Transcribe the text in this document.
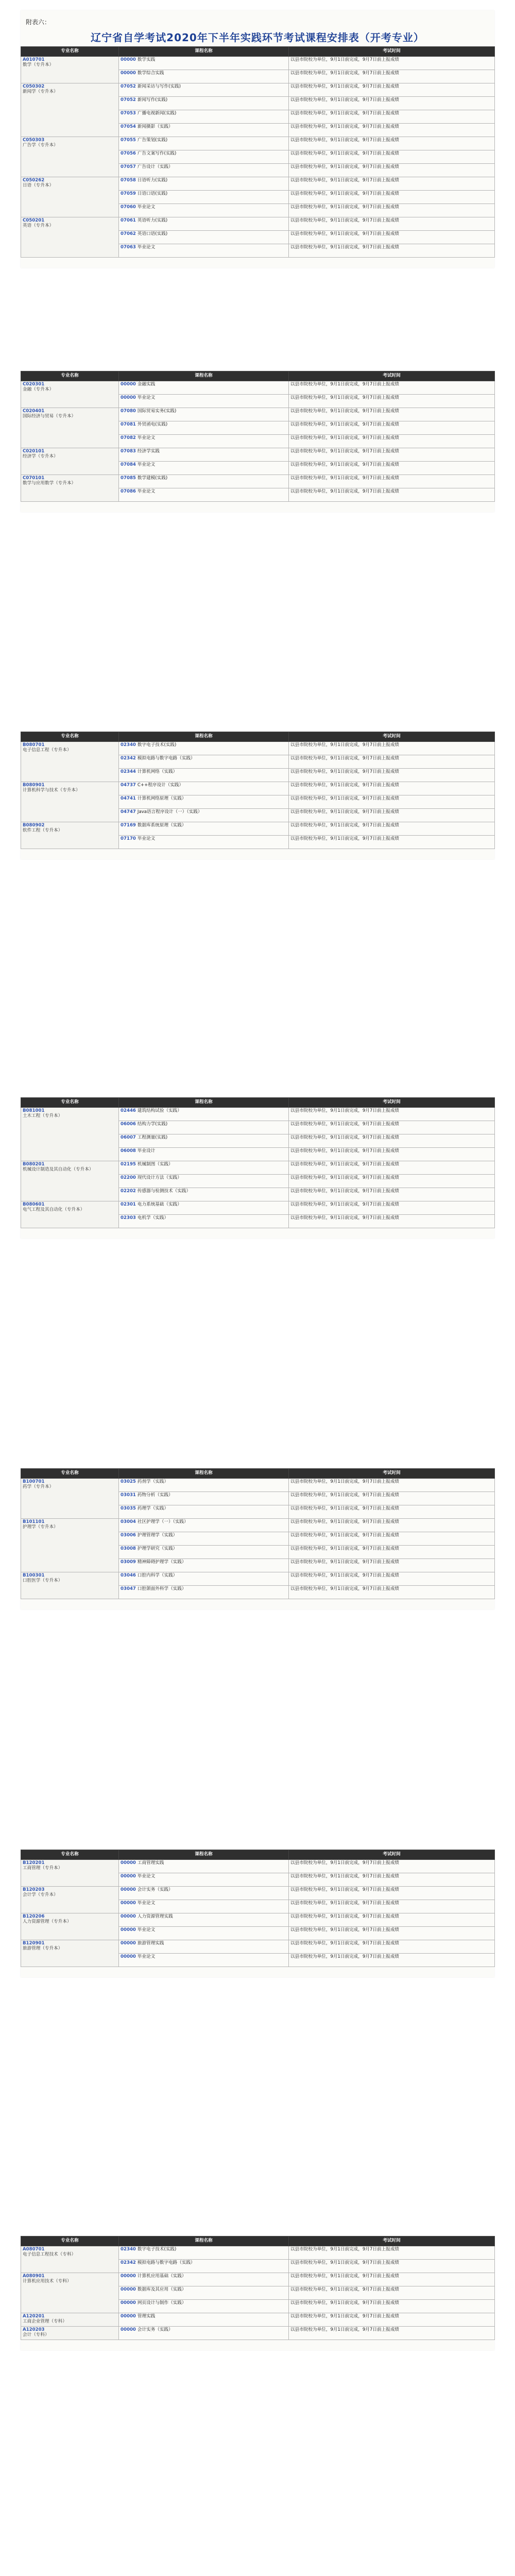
附表六：
辽宁省自学考试2020年下半年实践环节考试课程安排表（开考专业）
专业名称	课程名称	考试时间

A010701
数学（专升本）	00000 数学实践	以县市院校为单位，9月1日前完成，9月7日前上报成绩
	00000 数学综合实践	以县市院校为单位，9月1日前完成，9月7日前上报成绩

C050302
新闻学（专升本）	07052 新闻采访与写作(实践)	以县市院校为单位，9月1日前完成，9月7日前上报成绩
	07052 新闻写作(实践)	以县市院校为单位，9月1日前完成，9月7日前上报成绩
	07053 广播电视新闻(实践)	以县市院校为单位，9月1日前完成，9月7日前上报成绩
	07054 新闻摄影（实践）	以县市院校为单位，9月1日前完成，9月7日前上报成绩

C050303
广告学（专升本）	07055 广告策划(实践)	以县市院校为单位，9月1日前完成，9月7日前上报成绩
	07056 广告文案写作(实践)	以县市院校为单位，9月1日前完成，9月7日前上报成绩
	07057 广告设计（实践）	以县市院校为单位，9月1日前完成，9月7日前上报成绩

C050262
日语（专升本）	07058 日语听力(实践)	以县市院校为单位，9月1日前完成，9月7日前上报成绩
	07059 日语口语(实践)	以县市院校为单位，9月1日前完成，9月7日前上报成绩
	07060 毕业论文	以县市院校为单位，9月1日前完成，9月7日前上报成绩

C050201
英语（专升本）	07061 英语听力(实践)	以县市院校为单位，9月1日前完成，9月7日前上报成绩
	07062 英语口语(实践)	以县市院校为单位，9月1日前完成，9月7日前上报成绩
	07063 毕业论文	以县市院校为单位，9月1日前完成，9月7日前上报成绩
专业名称	课程名称	考试时间

C020301
金融（专升本）	00000 金融实践	以县市院校为单位，9月1日前完成，9月7日前上报成绩
	00000 毕业论文	以县市院校为单位，9月1日前完成，9月7日前上报成绩

C020401
国际经济与贸易（专升本）	07080 国际贸易实务(实践)	以县市院校为单位，9月1日前完成，9月7日前上报成绩
	07081 外贸函电(实践)	以县市院校为单位，9月1日前完成，9月7日前上报成绩
	07082 毕业论文	以县市院校为单位，9月1日前完成，9月7日前上报成绩

C020101
经济学（专升本）	07083 经济学实践	以县市院校为单位，9月1日前完成，9月7日前上报成绩
	07084 毕业论文	以县市院校为单位，9月1日前完成，9月7日前上报成绩

C070101
数学与应用数学（专升本）	07085 数学建模(实践)	以县市院校为单位，9月1日前完成，9月7日前上报成绩
	07086 毕业论文	以县市院校为单位，9月1日前完成，9月7日前上报成绩
专业名称	课程名称	考试时间

B080701
电子信息工程（专升本）	02340 数字电子技术(实践)	以县市院校为单位，9月1日前完成，9月7日前上报成绩
	02342 模拟电路与数字电路（实践）	以县市院校为单位，9月1日前完成，9月7日前上报成绩
	02344 计算机网络（实践）	以县市院校为单位，9月1日前完成，9月7日前上报成绩

B080901
计算机科学与技术（专升本）	04737 C++程序设计（实践）	以县市院校为单位，9月1日前完成，9月7日前上报成绩
	04741 计算机网络原理（实践）	以县市院校为单位，9月1日前完成，9月7日前上报成绩
	04747 Java语言程序设计（一）（实践）	以县市院校为单位，9月1日前完成，9月7日前上报成绩

B080902
软件工程（专升本）	07169 数据库系统原理（实践）	以县市院校为单位，9月1日前完成，9月7日前上报成绩
	07170 毕业论文	以县市院校为单位，9月1日前完成，9月7日前上报成绩
专业名称	课程名称	考试时间

B081001
土木工程（专升本）	02446 建筑结构试验（实践）	以县市院校为单位，9月1日前完成，9月7日前上报成绩
	06006 结构力学(实践)	以县市院校为单位，9月1日前完成，9月7日前上报成绩
	06007 工程测量(实践)	以县市院校为单位，9月1日前完成，9月7日前上报成绩
	06008 毕业设计	以县市院校为单位，9月1日前完成，9月7日前上报成绩

B080201
机械设计制造及其自动化（专升本）	02195 机械制图（实践）	以县市院校为单位，9月1日前完成，9月7日前上报成绩
	02200 现代设计方法（实践）	以县市院校为单位，9月1日前完成，9月7日前上报成绩
	02202 传感器与检测技术（实践）	以县市院校为单位，9月1日前完成，9月7日前上报成绩

B080601
电气工程及其自动化（专升本）	02301 电力系统基础（实践）	以县市院校为单位，9月1日前完成，9月7日前上报成绩
	02303 电机学（实践）	以县市院校为单位，9月1日前完成，9月7日前上报成绩
专业名称	课程名称	考试时间

B100701
药学（专升本）	03025 药剂学（实践）	以县市院校为单位，9月1日前完成，9月7日前上报成绩
	03031 药物分析（实践）	以县市院校为单位，9月1日前完成，9月7日前上报成绩
	03035 药理学（实践）	以县市院校为单位，9月1日前完成，9月7日前上报成绩

B101101
护理学（专升本）	03004 社区护理学（一）（实践）	以县市院校为单位，9月1日前完成，9月7日前上报成绩
	03006 护理管理学（实践）	以县市院校为单位，9月1日前完成，9月7日前上报成绩
	03008 护理学研究（实践）	以县市院校为单位，9月1日前完成，9月7日前上报成绩
	03009 精神障碍护理学（实践）	以县市院校为单位，9月1日前完成，9月7日前上报成绩

B100301
口腔医学（专升本）	03046 口腔内科学（实践）	以县市院校为单位，9月1日前完成，9月7日前上报成绩
	03047 口腔颌面外科学（实践）	以县市院校为单位，9月1日前完成，9月7日前上报成绩
专业名称	课程名称	考试时间

B120201
工商管理（专升本）	00000 工商管理实践	以县市院校为单位，9月1日前完成，9月7日前上报成绩
	00000 毕业论文	以县市院校为单位，9月1日前完成，9月7日前上报成绩

B120203
会计学（专升本）	00000 会计实务（实践）	以县市院校为单位，9月1日前完成，9月7日前上报成绩
	00000 毕业论文	以县市院校为单位，9月1日前完成，9月7日前上报成绩

B120206
人力资源管理（专升本）	00000 人力资源管理实践	以县市院校为单位，9月1日前完成，9月7日前上报成绩
	00000 毕业论文	以县市院校为单位，9月1日前完成，9月7日前上报成绩

B120901
旅游管理（专升本）	00000 旅游管理实践	以县市院校为单位，9月1日前完成，9月7日前上报成绩
	00000 毕业论文	以县市院校为单位，9月1日前完成，9月7日前上报成绩
专业名称	课程名称	考试时间

A080701
电子信息工程技术（专科）	02340 数字电子技术(实践)	以县市院校为单位，9月1日前完成，9月7日前上报成绩
	02342 模拟电路与数字电路（实践）	以县市院校为单位，9月1日前完成，9月7日前上报成绩

A080901
计算机应用技术（专科）	00000 计算机应用基础（实践）	以县市院校为单位，9月1日前完成，9月7日前上报成绩
	00000 数据库及其应用（实践）	以县市院校为单位，9月1日前完成，9月7日前上报成绩
	00000 网页设计与制作（实践）	以县市院校为单位，9月1日前完成，9月7日前上报成绩

A120201
工商企业管理（专科）	00000 管理实践	以县市院校为单位，9月1日前完成，9月7日前上报成绩

A120203
会计（专科）	00000 会计实务（实践）	以县市院校为单位，9月1日前完成，9月7日前上报成绩
